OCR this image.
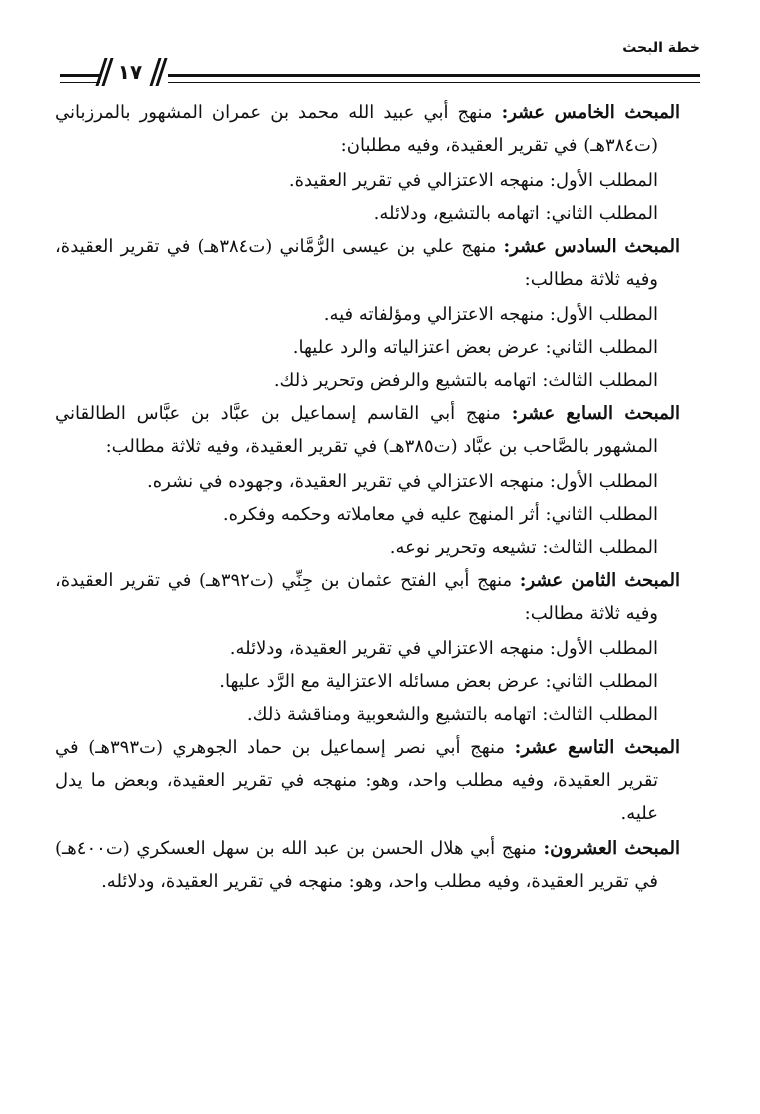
خطة البحث
١٧

المبحث الخامس عشر: منهج أبي عبيد الله محمد بن عمران المشهور بالمرزباني (ت٣٨٤هـ) في تقرير العقيدة، وفيه مطلبان:

المطلب الأول: منهجه الاعتزالي في تقرير العقيدة.

المطلب الثاني: اتهامه بالتشيع، ودلائله.

المبحث السادس عشر: منهج علي بن عيسى الرُّمَّاني (ت٣٨٤هـ) في تقرير العقيدة، وفيه ثلاثة مطالب:

المطلب الأول: منهجه الاعتزالي ومؤلفاته فيه.

المطلب الثاني: عرض بعض اعتزالياته والرد عليها.

المطلب الثالث: اتهامه بالتشيع والرفض وتحرير ذلك.

المبحث السابع عشر: منهج أبي القاسم إسماعيل بن عبَّاد بن عبَّاس الطالقاني المشهور بالصَّاحب بن عبَّاد (ت٣٨٥هـ) في تقرير العقيدة، وفيه ثلاثة مطالب:

المطلب الأول: منهجه الاعتزالي في تقرير العقيدة، وجهوده في نشره.

المطلب الثاني: أثر المنهج عليه في معاملاته وحكمه وفكره.

المطلب الثالث: تشيعه وتحرير نوعه.

المبحث الثامن عشر: منهج أبي الفتح عثمان بن جِنِّي (ت٣٩٢هـ) في تقرير العقيدة، وفيه ثلاثة مطالب:

المطلب الأول: منهجه الاعتزالي في تقرير العقيدة، ودلائله.

المطلب الثاني: عرض بعض مسائله الاعتزالية مع الرَّد عليها.

المطلب الثالث: اتهامه بالتشيع والشعوبية ومناقشة ذلك.

المبحث التاسع عشر: منهج أبي نصر إسماعيل بن حماد الجوهري (ت٣٩٣هـ) في تقرير العقيدة، وفيه مطلب واحد، وهو: منهجه في تقرير العقيدة، وبعض ما يدل عليه.

المبحث العشرون: منهج أبي هلال الحسن بن عبد الله بن سهل العسكري (ت٤٠٠هـ) في تقرير العقيدة، وفيه مطلب واحد، وهو: منهجه في تقرير العقيدة، ودلائله.
